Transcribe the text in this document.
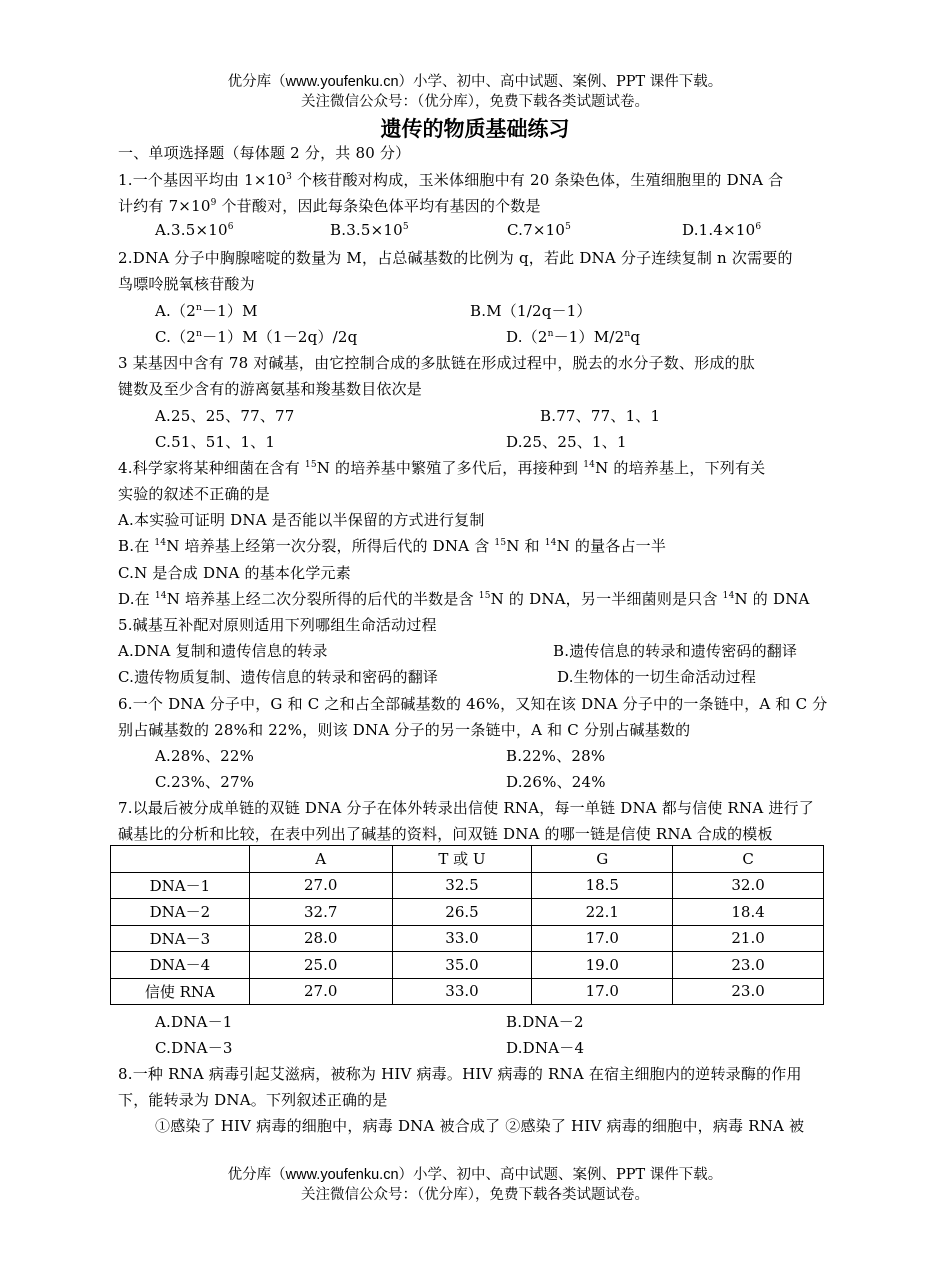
优分库（www.youfenku.cn）小学、初中、高中试题、案例、PPT 课件下载。
关注微信公众号：（优分库），免费下载各类试题试卷。
遗传的物质基础练习
一、单项选择题（每体题 2 分，共 80 分）
1.一个基因平均由 $1\times 10^3$ 个核苷酸对构成，玉米体细胞中有 20 条染色体，生殖细胞里的 DNA 合
计约有 $7\times 10^9$ 个苷酸对，因此每条染色体平均有基因的个数是
$A.3.5\times 10^6$	$B.3.5\times 10^5$	$C.7\times 10^5$	$D.1.4\times 10^6$
2.DNA 分子中胸腺嘧啶的数量为 M，占总碱基数的比例为 q，若此 DNA 分子连续复制 n 次需要的
鸟嘌呤脱氧核苷酸为
$A.(2^n-1)M$	B.M（1/2q－1）
$C.(2^n-1)M(1-2q)/2q$	$D.(2^n-1)M/2^nq$
3 某基因中含有 78 对碱基，由它控制合成的多肽链在形成过程中，脱去的水分子数、形成的肽
键数及至少含有的游离氨基和羧基数目依次是
A.25、25、77、77	B.77、77、1、1
C.51、51、1、1	D.25、25、1、1
4.科学家将某种细菌在含有 $^{15}$N 的培养基中繁殖了多代后，再接种到 $^{14}$N 的培养基上，下列有关
实验的叙述不正确的是
A.本实验可证明 DNA 是否能以半保留的方式进行复制
B.在 $^{14}$N 培养基上经第一次分裂，所得后代的 DNA 含 $^{15}$N 和 $^{14}$N 的量各占一半
C.N 是合成 DNA 的基本化学元素
D.在 $^{14}$N 培养基上经二次分裂所得的后代的半数是含 $^{15}$N 的 DNA，另一半细菌则是只含 $^{14}$N 的 DNA
5.碱基互补配对原则适用下列哪组生命活动过程
A.DNA 复制和遗传信息的转录	B.遗传信息的转录和遗传密码的翻译
C.遗传物质复制、遗传信息的转录和密码的翻译	D.生物体的一切生命活动过程
6.一个 DNA 分子中，G 和 C 之和占全部碱基数的 46%，又知在该 DNA 分子中的一条链中，A 和 C 分
别占碱基数的 28%和 22%，则该 DNA 分子的另一条链中，A 和 C 分别占碱基数的
A.28%、22%	B.22%、28%
C.23%、27%	D.26%、24%
7.以最后被分成单链的双链 DNA 分子在体外转录出信使 RNA，每一单链 DNA 都与信使 RNA 进行了
碱基比的分析和比较，在表中列出了碱基的资料，问双链 DNA 的哪一链是信使 RNA 合成的模板
	A	T 或 U	G	C
DNA－1	27.0	32.5	18.5	32.0
DNA－2	32.7	26.5	22.1	18.4
DNA－3	28.0	33.0	17.0	21.0
DNA－4	25.0	35.0	19.0	23.0
信使 RNA	27.0	33.0	17.0	23.0
A.DNA－1	B.DNA－2
C.DNA－3	D.DNA－4
8.一种 RNA 病毒引起艾滋病，被称为 HIV 病毒。HIV 病毒的 RNA 在宿主细胞内的逆转录酶的作用
下，能转录为 DNA。下列叙述正确的是
①感染了 HIV 病毒的细胞中，病毒 DNA 被合成了 ②感染了 HIV 病毒的细胞中，病毒 RNA 被
优分库（www.youfenku.cn）小学、初中、高中试题、案例、PPT 课件下载。
关注微信公众号：（优分库），免费下载各类试题试卷。
